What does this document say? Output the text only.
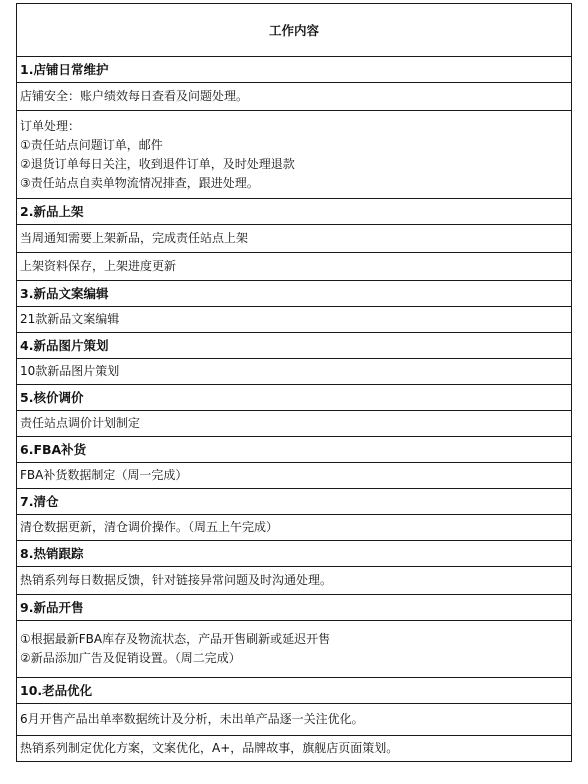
工作内容
1.店铺日常维护
店铺安全：账户绩效每日查看及问题处理。
订单处理：
①责任站点问题订单，邮件
②退货订单每日关注，收到退件订单，及时处理退款
③责任站点自卖单物流情况排查，跟进处理。
2.新品上架
当周通知需要上架新品，完成责任站点上架
上架资料保存，上架进度更新
3.新品文案编辑
21款新品文案编辑
4.新品图片策划
10款新品图片策划
5.核价调价
责任站点调价计划制定
6.FBA补货
FBA补货数据制定（周一完成）
7.清仓
清仓数据更新，清仓调价操作。（周五上午完成）
8.热销跟踪
热销系列每日数据反馈，针对链接异常问题及时沟通处理。
9.新品开售
①根据最新FBA库存及物流状态，产品开售刷新或延迟开售
②新品添加广告及促销设置。（周二完成）
10.老品优化
6月开售产品出单率数据统计及分析，未出单产品逐一关注优化。
热销系列制定优化方案，文案优化，A+，品牌故事，旗舰店页面策划。
